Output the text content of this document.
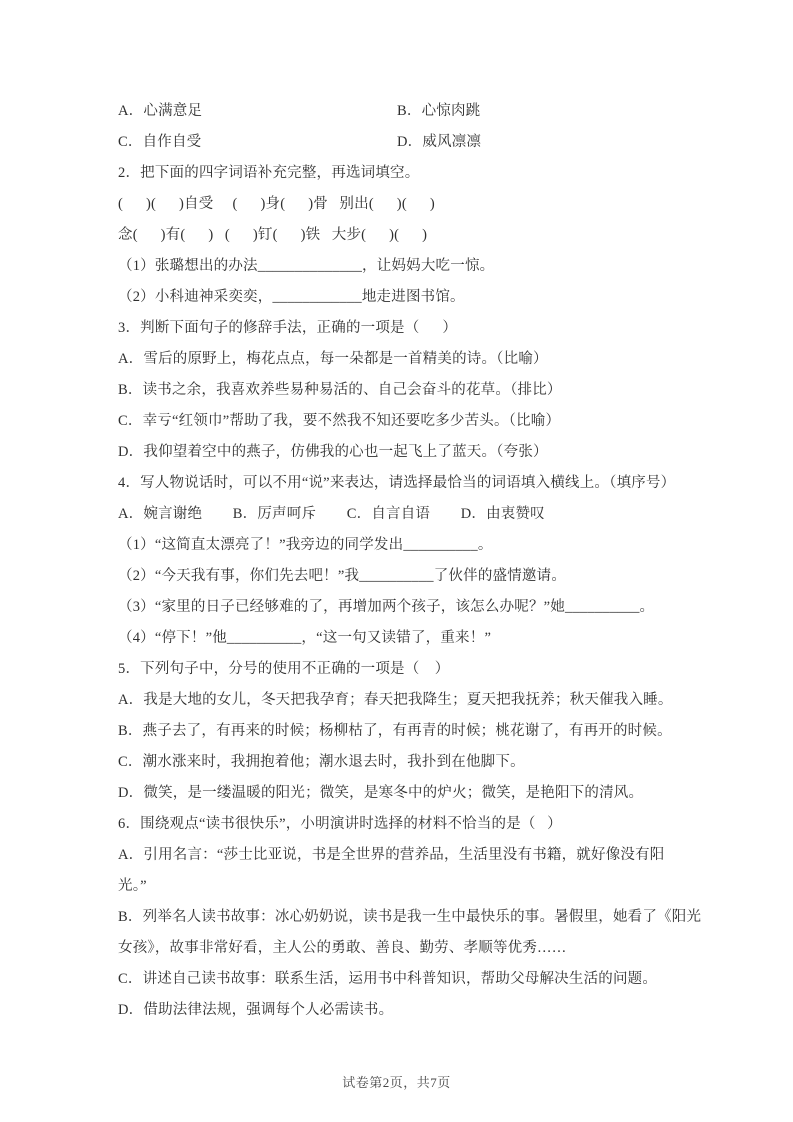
A．心满意足	B．心惊肉跳
C．自作自受	D．威风凛凛
2．把下面的四字词语补充完整，再选词填空。
(      )(      )自受     (      )身(      )骨   别出(      )(      )
念(      )有(      )   (      )钉(      )铁   大步(      )(      )
（1）张璐想出的办法______________，让妈妈大吃一惊。
（2）小科迪神采奕奕，____________地走进图书馆。
3．判断下面句子的修辞手法，正确的一项是（      ）
A．雪后的原野上，梅花点点，每一朵都是一首精美的诗。（比喻）
B．读书之余，我喜欢养些易种易活的、自己会奋斗的花草。（排比）
C．幸亏“红领巾”帮助了我，要不然我不知还要吃多少苦头。（比喻）
D．我仰望着空中的燕子，仿佛我的心也一起飞上了蓝天。（夸张）
4．写人物说话时，可以不用“说”来表达，请选择最恰当的词语填入横线上。（填序号）
A．婉言谢绝        B．厉声呵斥        C．自言自语        D．由衷赞叹
（1）“这简直太漂亮了！”我旁边的同学发出__________。
（2）“今天我有事，你们先去吧！”我__________了伙伴的盛情邀请。
（3）“家里的日子已经够难的了，再增加两个孩子，该怎么办呢？”她__________。
（4）“停下！”他__________，“这一句又读错了，重来！”
5．下列句子中，分号的使用不正确的一项是（    ）
A．我是大地的女儿，冬天把我孕育；春天把我降生；夏天把我抚养；秋天催我入睡。
B．燕子去了，有再来的时候；杨柳枯了，有再青的时候；桃花谢了，有再开的时候。
C．潮水涨来时，我拥抱着他；潮水退去时，我扑到在他脚下。
D．微笑，是一缕温暖的阳光；微笑，是寒冬中的炉火；微笑，是艳阳下的清风。
6．围绕观点“读书很快乐”，小明演讲时选择的材料不恰当的是（   ）
A．引用名言：“莎士比亚说，书是全世界的营养品，生活里没有书籍，就好像没有阳
光。”
B．列举名人读书故事：冰心奶奶说，读书是我一生中最快乐的事。暑假里，她看了《阳光
女孩》，故事非常好看，主人公的勇敢、善良、勤劳、孝顺等优秀……
C．讲述自己读书故事：联系生活，运用书中科普知识，帮助父母解决生活的问题。
D．借助法律法规，强调每个人必需读书。
试卷第2页，共7页
